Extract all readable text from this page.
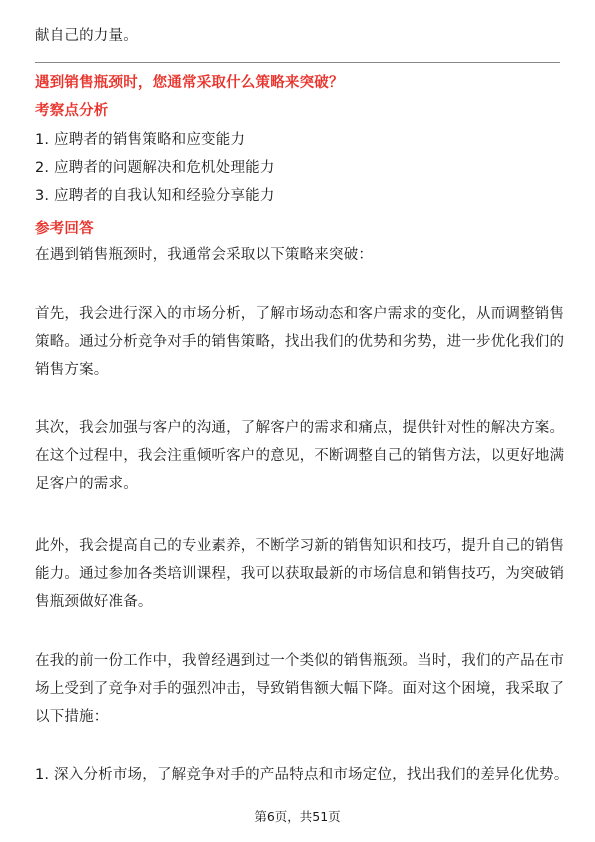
献自己的力量。
遇到销售瓶颈时，您通常采取什么策略来突破？
考察点分析
1. 应聘者的销售策略和应变能力
2. 应聘者的问题解决和危机处理能力
3. 应聘者的自我认知和经验分享能力
参考回答
在遇到销售瓶颈时，我通常会采取以下策略来突破：
首先，我会进行深入的市场分析，了解市场动态和客户需求的变化，从而调整销售
策略。通过分析竞争对手的销售策略，找出我们的优势和劣势，进一步优化我们的
销售方案。
其次，我会加强与客户的沟通，了解客户的需求和痛点，提供针对性的解决方案。
在这个过程中，我会注重倾听客户的意见，不断调整自己的销售方法，以更好地满
足客户的需求。
此外，我会提高自己的专业素养，不断学习新的销售知识和技巧，提升自己的销售
能力。通过参加各类培训课程，我可以获取最新的市场信息和销售技巧，为突破销
售瓶颈做好准备。
在我的前一份工作中，我曾经遇到过一个类似的销售瓶颈。当时，我们的产品在市
场上受到了竞争对手的强烈冲击，导致销售额大幅下降。面对这个困境，我采取了
以下措施：
1. 深入分析市场，了解竞争对手的产品特点和市场定位，找出我们的差异化优势。
第6页，共51页
